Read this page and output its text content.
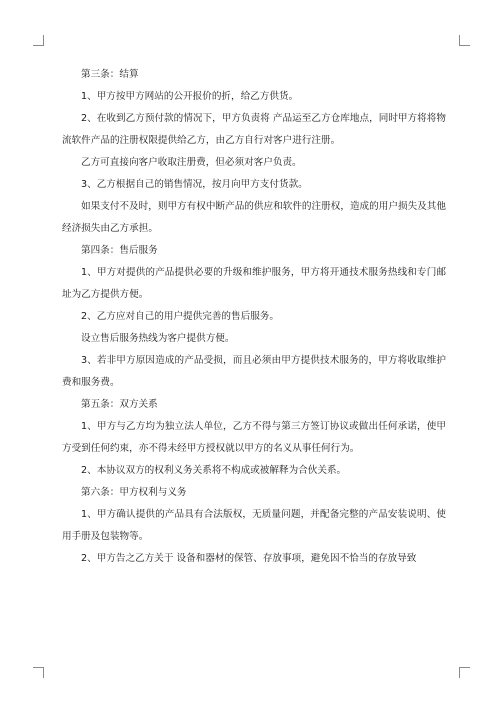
第三条：结算

1、甲方按甲方网站的公开报价的折，给乙方供货。

2、在收到乙方预付款的情况下，甲方负责将 产品运至乙方仓库地点，同时甲方将将物流软件产品的注册权限提供给乙方，由乙方自行对客户进行注册。

乙方可直接向客户收取注册费，但必须对客户负责。

3、乙方根据自己的销售情况，按月向甲方支付货款。

如果支付不及时，则甲方有权中断产品的供应和软件的注册权，造成的用户损失及其他经济损失由乙方承担。

第四条：售后服务

1、甲方对提供的产品提供必要的升级和维护服务，甲方将开通技术服务热线和专门邮址为乙方提供方便。

2、乙方应对自己的用户提供完善的售后服务。

设立售后服务热线为客户提供方便。

3、若非甲方原因造成的产品受损，而且必须由甲方提供技术服务的，甲方将收取维护费和服务费。

第五条：双方关系

1、甲方与乙方均为独立法人单位，乙方不得与第三方签订协议或做出任何承诺，使甲方受到任何约束，亦不得未经甲方授权就以甲方的名义从事任何行为。

2、本协议双方的权利义务关系将不构成或被解释为合伙关系。

第六条：甲方权利与义务

1、甲方确认提供的产品具有合法版权，无质量问题，并配备完整的产品安装说明、使用手册及包装物等。

2、甲方告之乙方关于 设备和器材的保管、存放事项，避免因不恰当的存放导致
